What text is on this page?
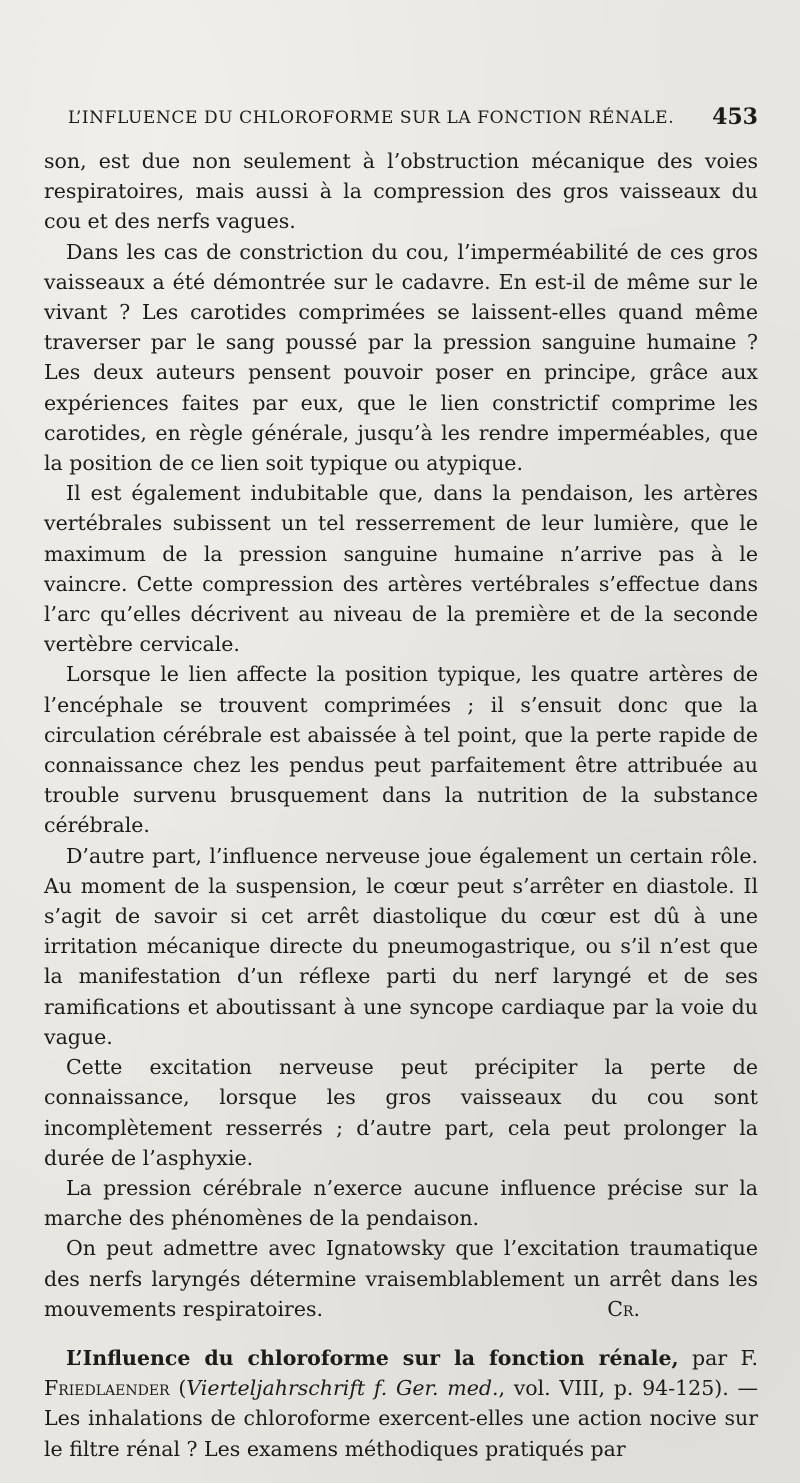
L’INFLUENCE DU CHLOROFORME SUR LA FONCTION RÉNALE. 453

son, est due non seulement à l’obstruction mécanique des voies respiratoires, mais aussi à la compression des gros vaisseaux du cou et des nerfs vagues.

Dans les cas de constriction du cou, l’imperméabilité de ces gros vaisseaux a été démontrée sur le cadavre. En est-il de même sur le vivant ? Les carotides comprimées se laissent-elles quand même traverser par le sang poussé par la pression sanguine humaine ? Les deux auteurs pensent pouvoir poser en principe, grâce aux expériences faites par eux, que le lien constrictif comprime les carotides, en règle générale, jusqu’à les rendre imperméables, que la position de ce lien soit typique ou atypique.

Il est également indubitable que, dans la pendaison, les artères vertébrales subissent un tel resserrement de leur lumière, que le maximum de la pression sanguine humaine n’arrive pas à le vaincre. Cette compression des artères vertébrales s’effectue dans l’arc qu’elles décrivent au niveau de la première et de la seconde vertèbre cervicale.

Lorsque le lien affecte la position typique, les quatre artères de l’encéphale se trouvent comprimées ; il s’ensuit donc que la circulation cérébrale est abaissée à tel point, que la perte rapide de connaissance chez les pendus peut parfaitement être attribuée au trouble survenu brusquement dans la nutrition de la substance cérébrale.

D’autre part, l’influence nerveuse joue également un certain rôle. Au moment de la suspension, le cœur peut s’arrêter en diastole. Il s’agit de savoir si cet arrêt diastolique du cœur est dû à une irritation mécanique directe du pneumogastrique, ou s’il n’est que la manifestation d’un réflexe parti du nerf laryngé et de ses ramifications et aboutissant à une syncope cardiaque par la voie du vague.

Cette excitation nerveuse peut précipiter la perte de connaissance, lorsque les gros vaisseaux du cou sont incomplètement resserrés ; d’autre part, cela peut prolonger la durée de l’asphyxie.

La pression cérébrale n’exerce aucune influence précise sur la marche des phénomènes de la pendaison.

On peut admettre avec Ignatowsky que l’excitation traumatique des nerfs laryngés détermine vraisemblablement un arrêt dans les mouvements respiratoires.	Cr.

L’Influence du chloroforme sur la fonction rénale, par F. Friedlaender (Vierteljahrschrift f. Ger. med., vol. VIII, p. 94-125). — Les inhalations de chloroforme exercent-elles une action nocive sur le filtre rénal ? Les examens méthodiques pratiqués par
